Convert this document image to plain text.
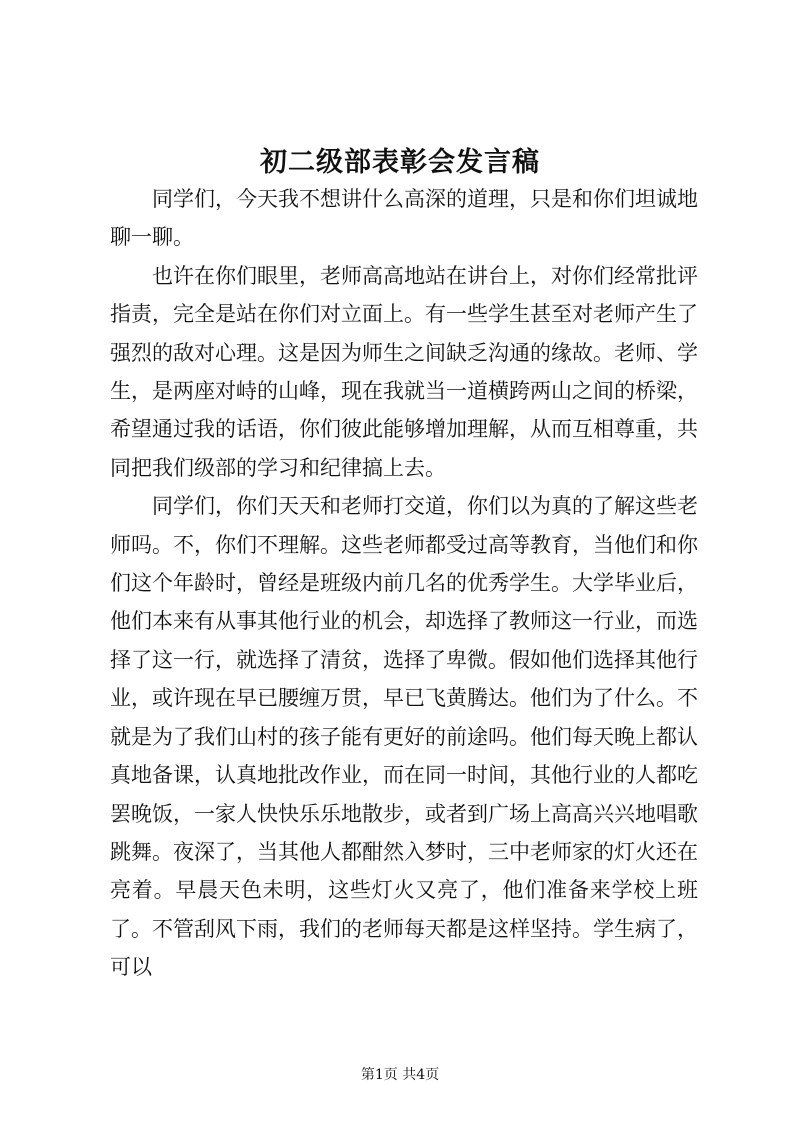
初二级部表彰会发言稿

同学们，今天我不想讲什么高深的道理，只是和你们坦诚地聊一聊。

也许在你们眼里，老师高高地站在讲台上，对你们经常批评指责，完全是站在你们对立面上。有一些学生甚至对老师产生了强烈的敌对心理。这是因为师生之间缺乏沟通的缘故。老师、学生，是两座对峙的山峰，现在我就当一道横跨两山之间的桥梁，希望通过我的话语，你们彼此能够增加理解，从而互相尊重，共同把我们级部的学习和纪律搞上去。

同学们，你们天天和老师打交道，你们以为真的了解这些老师吗。不，你们不理解。这些老师都受过高等教育，当他们和你们这个年龄时，曾经是班级内前几名的优秀学生。大学毕业后，他们本来有从事其他行业的机会，却选择了教师这一行业，而选择了这一行，就选择了清贫，选择了卑微。假如他们选择其他行业，或许现在早已腰缠万贯，早已飞黄腾达。他们为了什么。不就是为了我们山村的孩子能有更好的前途吗。他们每天晚上都认真地备课，认真地批改作业，而在同一时间，其他行业的人都吃罢晚饭，一家人快快乐乐地散步，或者到广场上高高兴兴地唱歌跳舞。夜深了，当其他人都酣然入梦时，三中老师家的灯火还在亮着。早晨天色未明，这些灯火又亮了，他们准备来学校上班了。不管刮风下雨，我们的老师每天都是这样坚持。学生病了，可以

第1页 共4页
